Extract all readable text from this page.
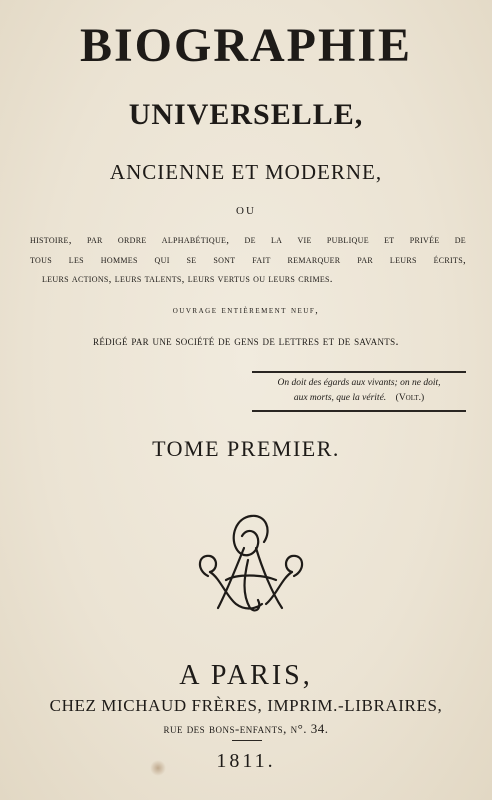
BIOGRAPHIE
UNIVERSELLE,
ANCIENNE ET MODERNE,
OU
histoire, par ordre alphabétique, de la vie publique et privée de
tous les hommes qui se sont fait remarquer par leurs écrits,
leurs actions, leurs talents, leurs vertus ou leurs crimes.
ouvrage entièrement neuf,
rédigé par une société de gens de lettres et de savants.
On doit des égards aux vivants; on ne doit,
aux morts, que la vérité. (Volt.)
TOME PREMIER.
A PARIS,
CHEZ MICHAUD FRÈRES, IMPRIM.-LIBRAIRES,
rue des bons-enfants, n°. 34.
1811.
